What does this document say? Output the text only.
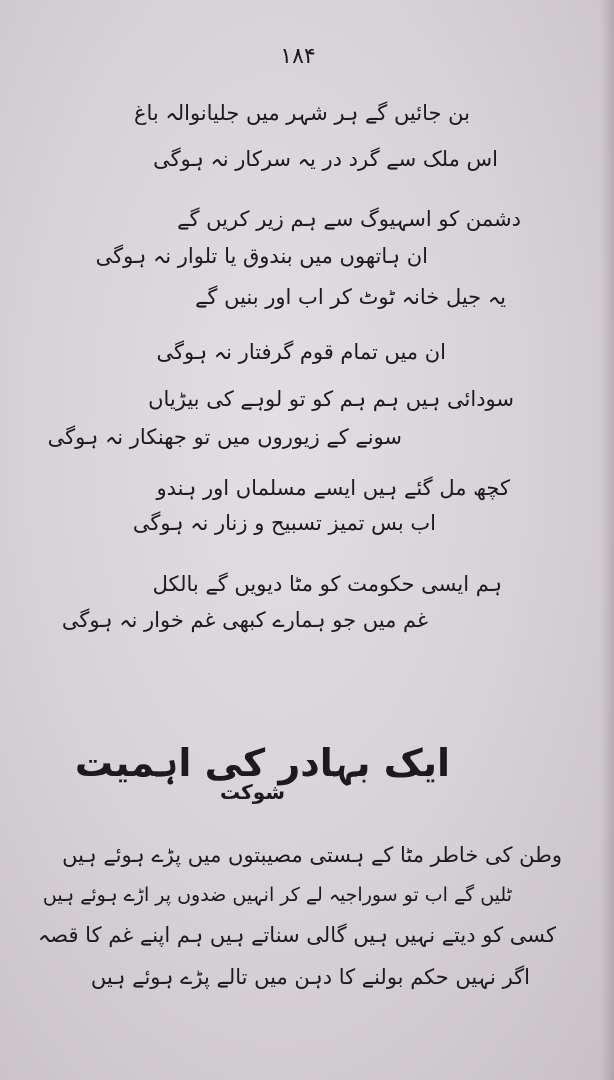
۱۸۴
بن جائیں گے ہر شہر میں جلیانوالہ باغ
اس ملک سے گرد در یہ سرکار نہ ہوگی
دشمن کو اسہیوگ سے ہم زیر کریں گے
ان ہاتھوں میں بندوق یا تلوار نہ ہوگی
یہ جیل خانہ ٹوٹ کر اب اور بنیں گے
ان میں تمام قوم گرفتار نہ ہوگی
سودائی ہیں ہم ہم کو تو لوہے کی بیڑیاں
سونے کے زیوروں میں تو جھنکار نہ ہوگی
کچھ مل گئے ہیں ایسے مسلماں اور ہندو
اب بس تمیز تسبیح و زنار نہ ہوگی
ہم ایسی حکومت کو مٹا دیویں گے بالکل
غم میں جو ہمارے کبھی غم خوار نہ ہوگی
ایک بہادر کی اہمیت
شوکت
وطن کی خاطر مٹا کے ہستی مصیبتوں میں پڑے ہوئے ہیں
ٹلیں گے اب تو سوراجیہ لے کر انہیں ضدوں پر اڑے ہوئے ہیں
کسی کو دیتے نہیں ہیں گالی سناتے ہیں ہم اپنے غم کا قصہ
اگر نہیں حکم بولنے کا دہن میں تالے پڑے ہوئے ہیں
